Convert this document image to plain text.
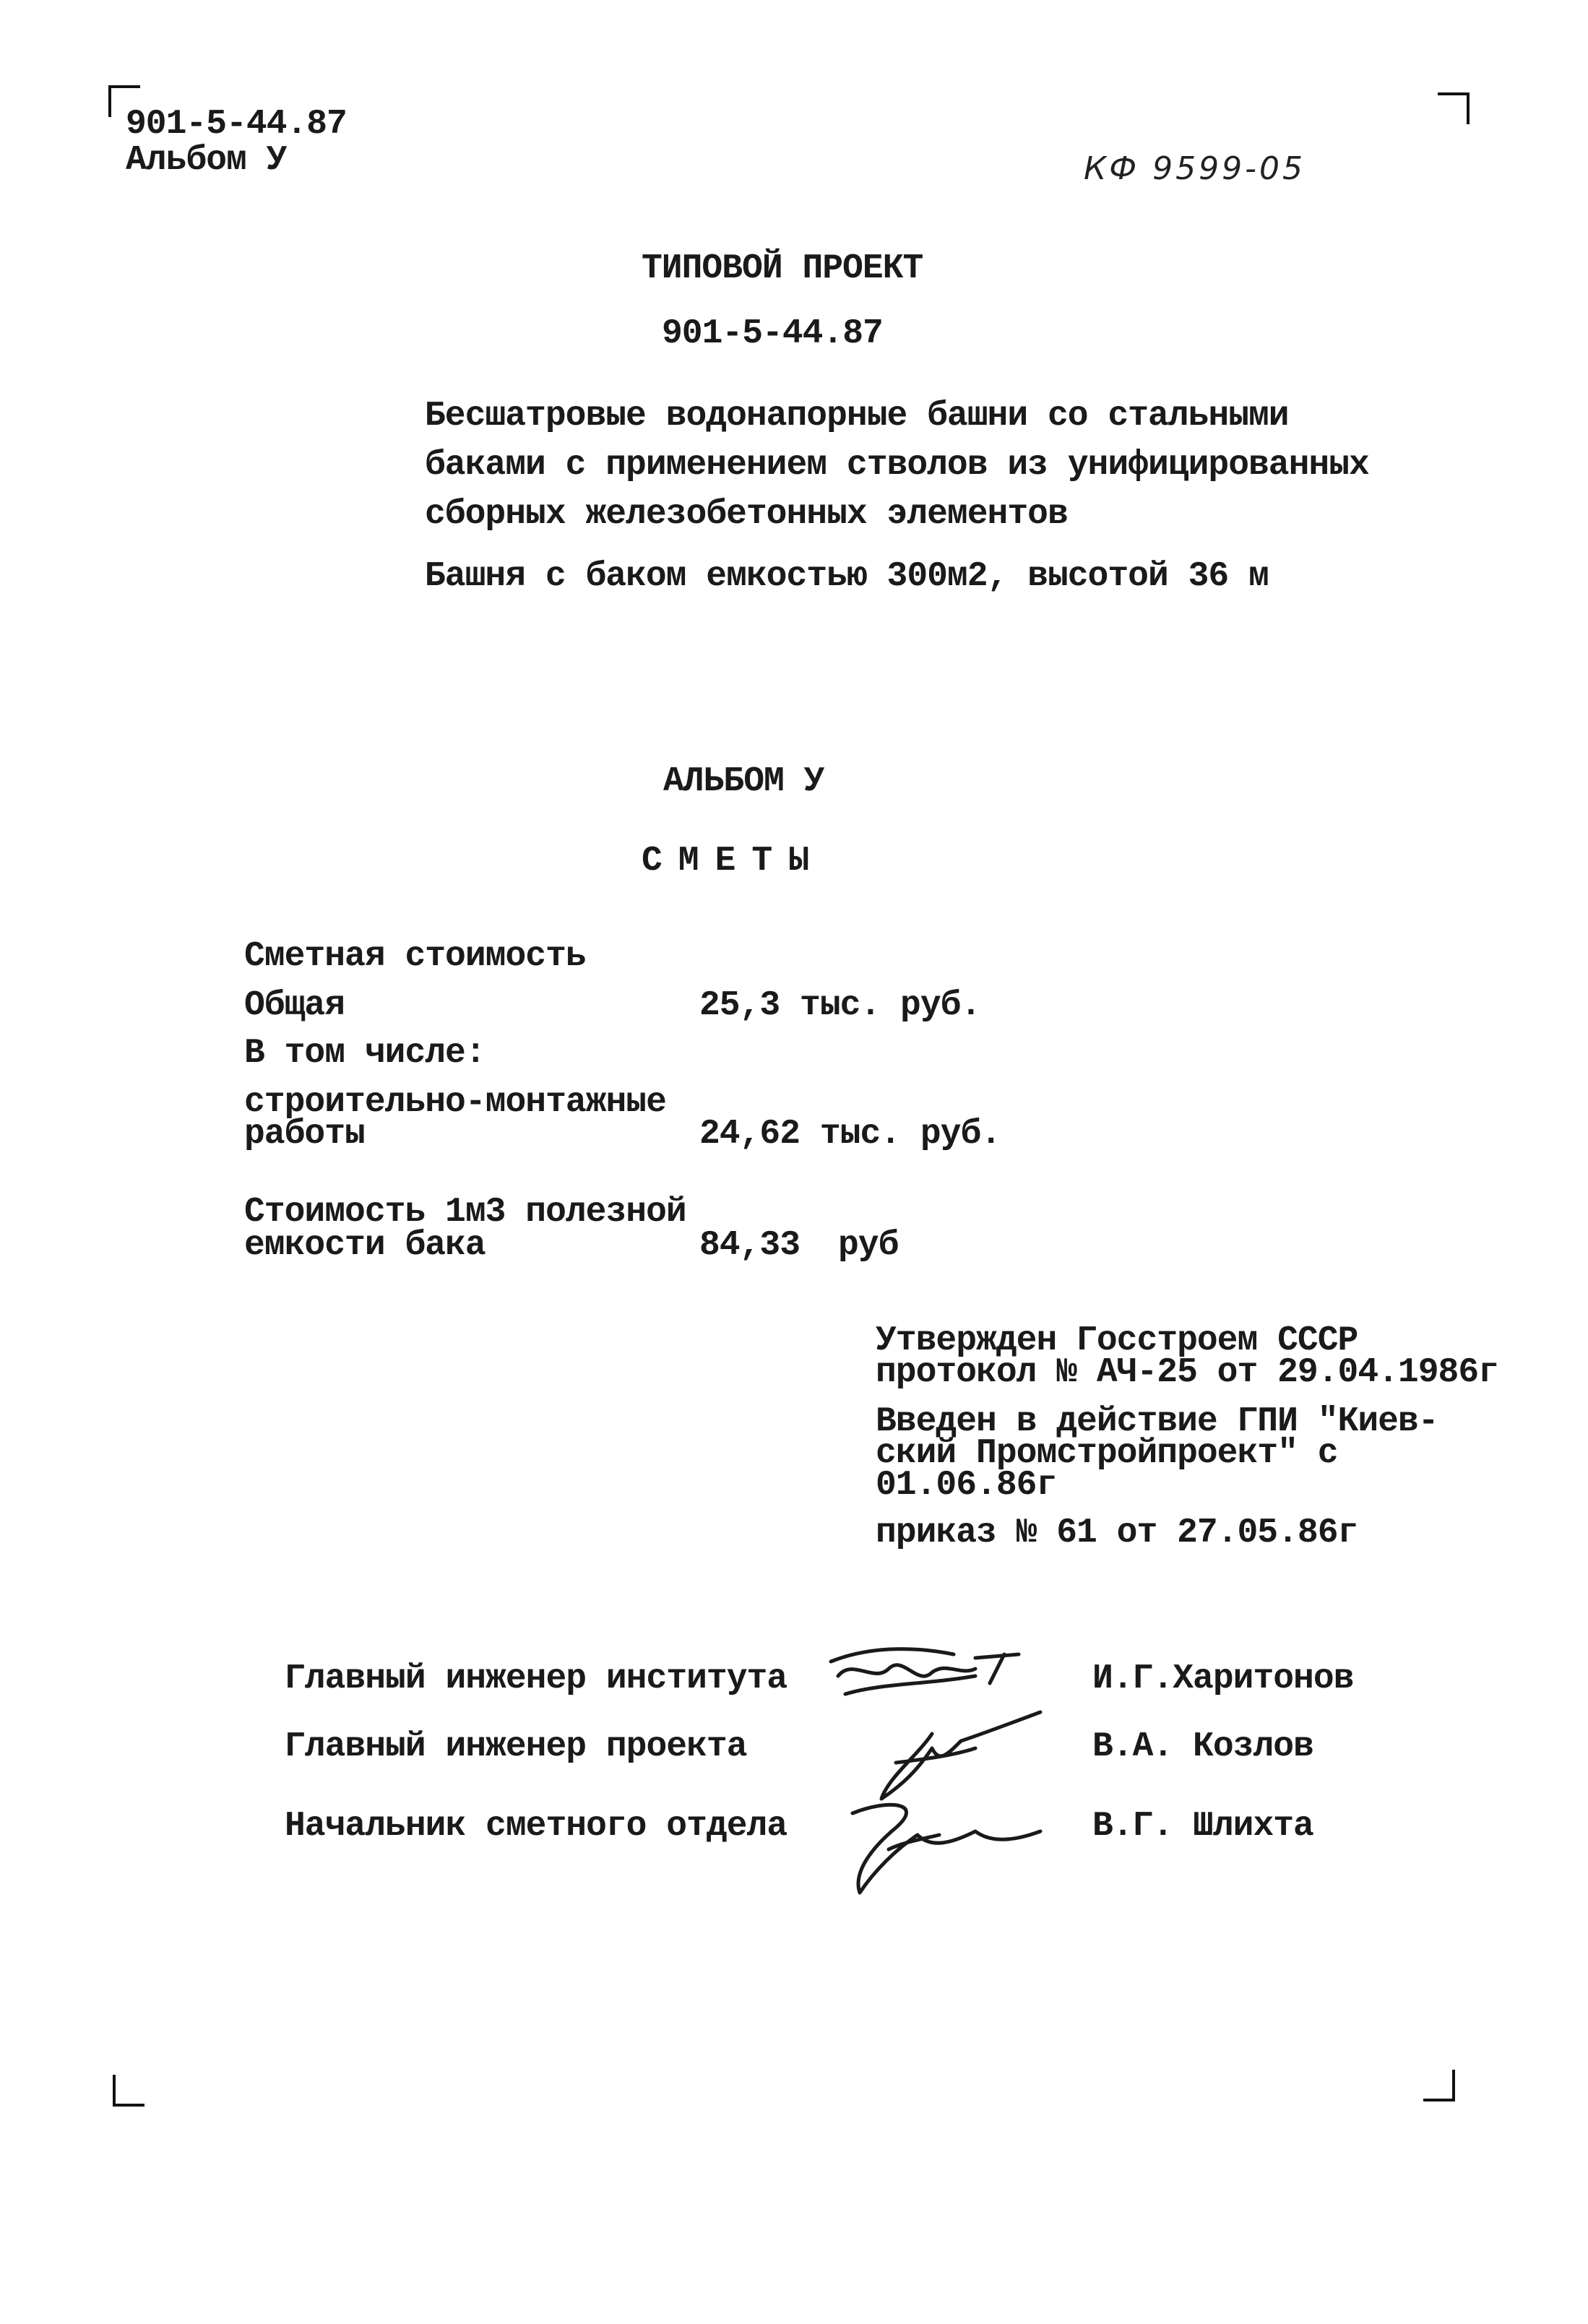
901-5-44.87
Альбом У	КФ 9599-05
ТИПОВОЙ ПРОЕКТ
901-5-44.87
Бесшатровые водонапорные башни со стальными
баками с применением стволов из унифицированных
сборных железобетонных элементов
Башня с баком емкостью 300м2, высотой 36 м
АЛЬБОМ У
СМЕТЫ
Сметная стоимость
Общая	25,3 тыс. руб.
В том числе:
строительно-монтажные
работы	24,62 тыс. руб.
Стоимость 1м3 полезной
емкости бака	84,33 руб
Утвержден Госстроем СССР
протокол № АЧ-25 от 29.04.1986г
Введен в действие ГПИ "Киев-
ский Промстройпроект" с
01.06.86г
приказ № 61 от 27.05.86г
Главный инженер института	И.Г.Харитонов
Главный инженер проекта	В.А. Козлов
Начальник сметного отдела	В.Г. Шлихта
